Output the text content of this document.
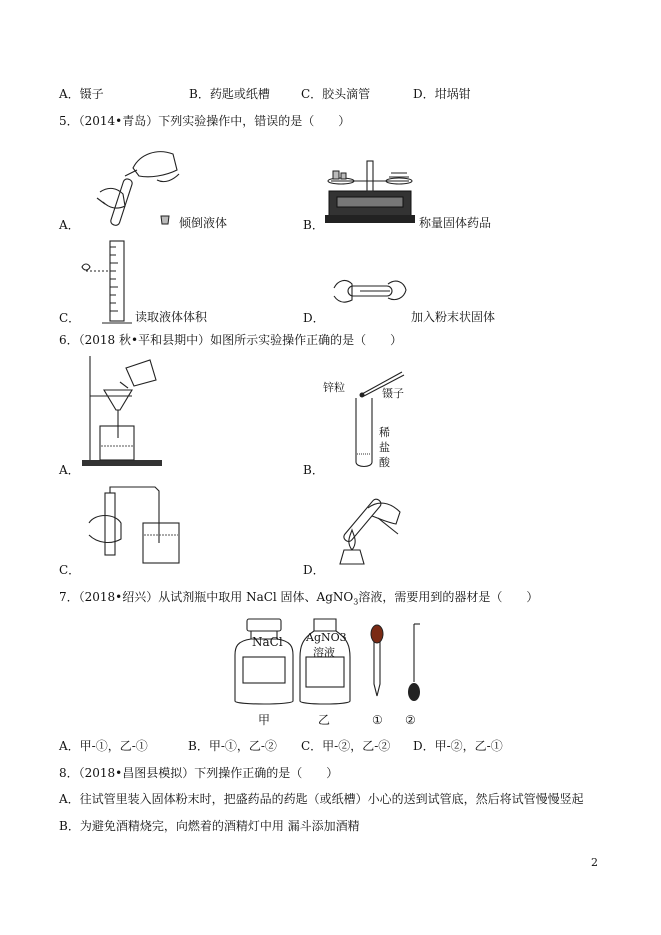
A．镊子	B．药匙或纸槽	C．胶头滴管	D．坩埚钳
5．（2014•青岛）下列实验操作中，错误的是（　　）
A．	倾倒液体	B．	称量固体药品
C．	读取液体体积	D．	加入粉末状固体
6．（2018 秋•平和县期中）如图所示实验操作正确的是（　　）
A．
锌粒	镊子
稀
盐
酸
B．
C．	D．
7．（2018•绍兴）从试剂瓶中取用 NaCl 固体、AgNO$_3$溶液，需要用到的器材是（　　）
NaCl AgNO3
溶液
甲	乙	① ②
A．甲-①，乙-①	B．甲-①，乙-② C．甲-②，乙-② D．甲-②，乙-①
8．（2018•昌图县模拟）下列操作正确的是（　　）
A．往试管里装入固体粉末时，把盛药品的药匙（或纸槽）小心的送到试管底，然后将试管慢慢竖起
B．为避免酒精烧完，向燃着的酒精灯中用 漏斗添加酒精
2
